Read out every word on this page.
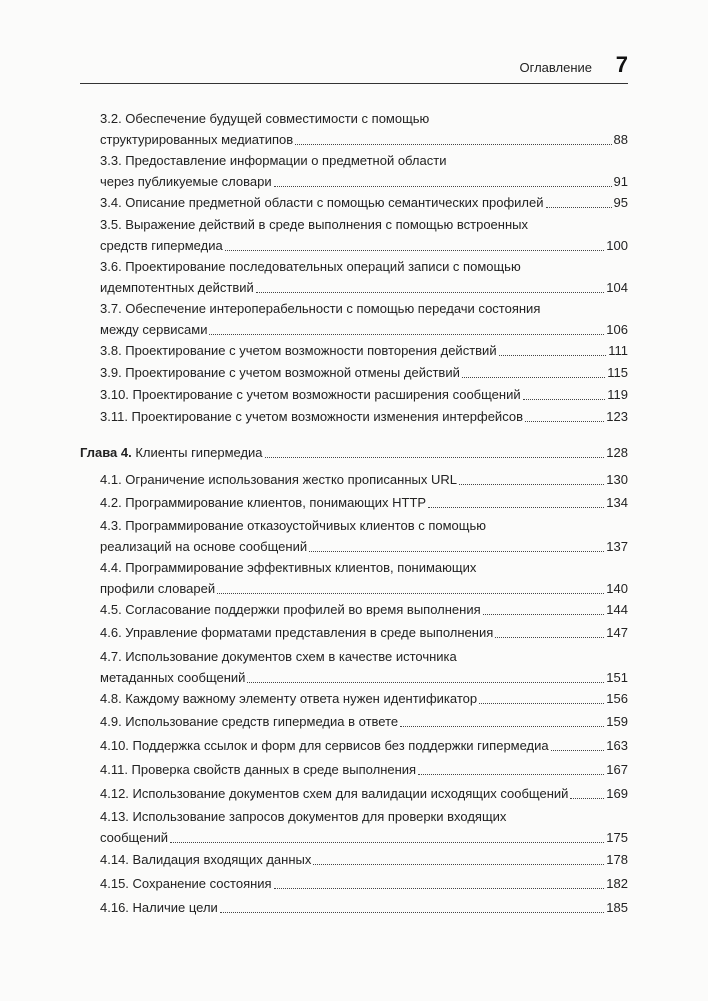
Оглавление 7
3.2. Обеспечение будущей совместимости с помощью
структурированных медиатипов	88
3.3. Предоставление информации о предметной области
через публикуемые словари	91
3.4. Описание предметной области с помощью семантических профилей	95
3.5. Выражение действий в среде выполнения с помощью встроенных
средств гипермедиа	100
3.6. Проектирование последовательных операций записи с помощью
идемпотентных действий	104
3.7. Обеспечение интероперабельности с помощью передачи состояния
между сервисами	106
3.8. Проектирование с учетом возможности повторения действий	111
3.9. Проектирование с учетом возможной отмены действий	115
3.10. Проектирование с учетом возможности расширения сообщений	119
3.11. Проектирование с учетом возможности изменения интерфейсов	123
Глава 4. Клиенты гипермедиа	128
4.1. Ограничение использования жестко прописанных URL	130
4.2. Программирование клиентов, понимающих HTTP	134
4.3. Программирование отказоустойчивых клиентов с помощью
реализаций на основе сообщений	137
4.4. Программирование эффективных клиентов, понимающих
профили словарей	140
4.5. Согласование поддержки профилей во время выполнения	144
4.6. Управление форматами представления в среде выполнения	147
4.7. Использование документов схем в качестве источника
метаданных сообщений	151
4.8. Каждому важному элементу ответа нужен идентификатор	156
4.9. Использование средств гипермедиа в ответе	159
4.10. Поддержка ссылок и форм для сервисов без поддержки гипермедиа	163
4.11. Проверка свойств данных в среде выполнения	167
4.12. Использование документов схем для валидации исходящих сообщений	169
4.13. Использование запросов документов для проверки входящих
сообщений	175
4.14. Валидация входящих данных	178
4.15. Сохранение состояния	182
4.16. Наличие цели	185
